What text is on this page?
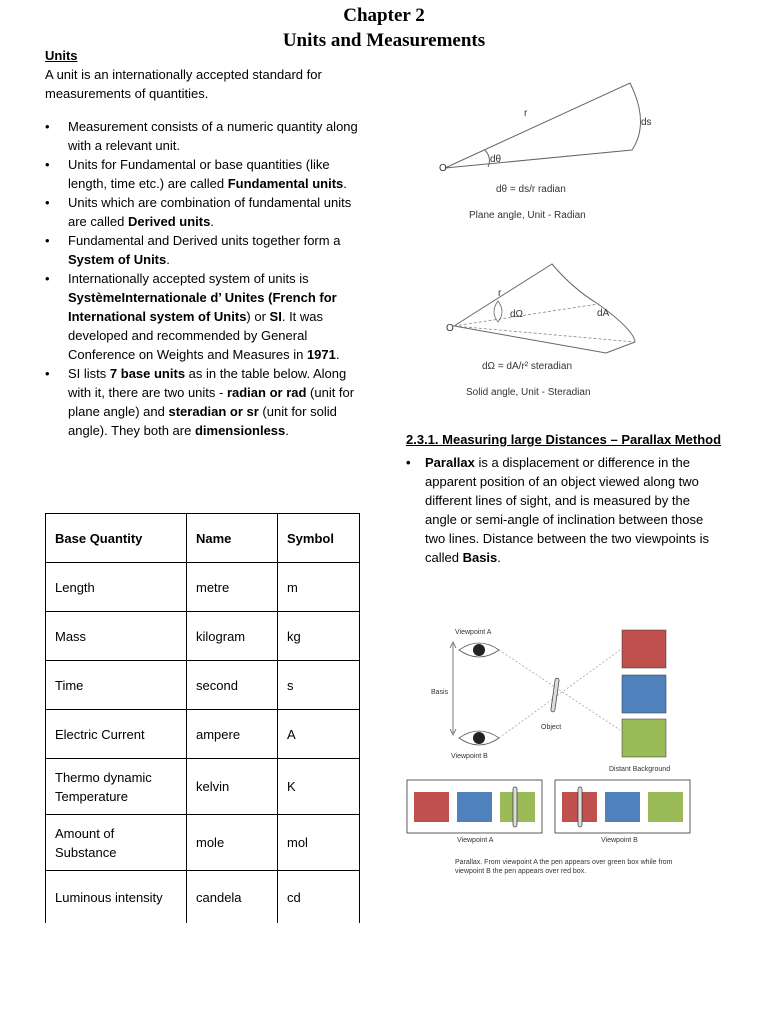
Chapter 2
Units and Measurements

Units

A unit is an internationally accepted standard for measurements of quantities.

• Measurement consists of a numeric quantity along with a relevant unit.
• Units for Fundamental or base quantities (like length, time etc.) are called Fundamental units.
• Units which are combination of fundamental units are called Derived units.
• Fundamental and Derived units together form a System of Units.
• Internationally accepted system of units is SystèmeInternationale d’ Unites (French for International system of Units) or SI. It was developed and recommended by General Conference on Weights and Measures in 1971.
• SI lists 7 base units as in the table below. Along with it, there are two units - radian or rad (unit for plane angle) and steradian or sr (unit for solid angle). They both are dimensionless.
Base Quantity	Name	Symbol
Length	metre	m
Mass	kilogram	kg
Time	second	s
Electric Current	ampere	A
Thermo dynamic Temperature	kelvin	K
Amount of Substance	mole	mol
Luminous intensity	candela	cd
r
ds
O
dθ
dθ = ds/r radian
Plane angle, Unit - Radian
r
dΩ	dA
O
dΩ = dA/r² steradian
Solid angle, Unit - Steradian

2.3.1. Measuring large Distances – Parallax Method

• Parallax is a displacement or difference in the apparent position of an object viewed along two different lines of sight, and is measured by the angle or semi-angle of inclination between those two lines. Distance between the two viewpoints is called Basis.

Viewpoint A
Viewpoint B
Basis
Object
Distant Background
Viewpoint A	Viewpoint B
Parallax. From viewpoint A the pen appears over green box while from
viewpoint B the pen appears over red box.
